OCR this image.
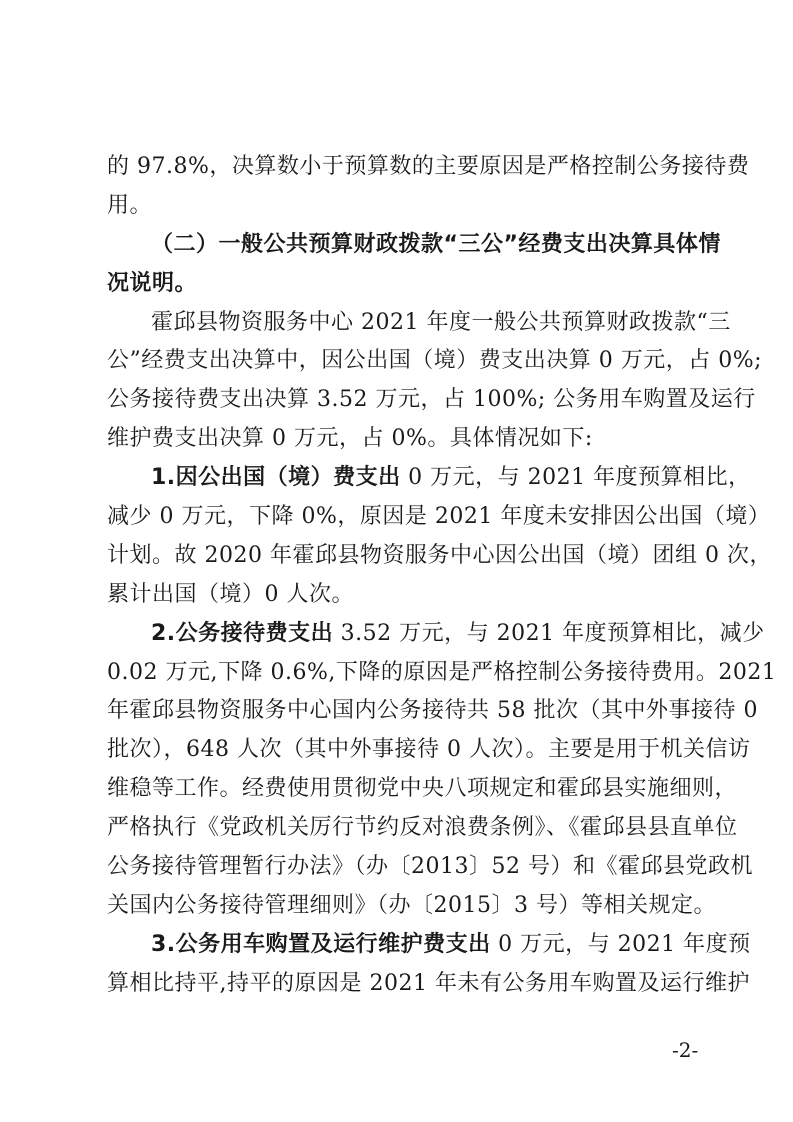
的 97.8%，决算数小于预算数的主要原因是严格控制公务接待费
用。
（二）一般公共预算财政拨款“三公”经费支出决算具体情
况说明。
霍邱县物资服务中心 2021 年度一般公共预算财政拨款“三
公”经费支出决算中，因公出国（境）费支出决算 0 万元，占 0%;
公务接待费支出决算 3.52 万元，占 100%; 公务用车购置及运行
维护费支出决算 0 万元，占 0%。具体情况如下:
1.因公出国（境）费支出 0 万元，与 2021 年度预算相比，
减少 0 万元，下降 0%，原因是 2021 年度未安排因公出国（境）
计划。故 2020 年霍邱县物资服务中心因公出国（境）团组 0 次，
累计出国（境）0 人次。
2.公务接待费支出 3.52 万元，与 2021 年度预算相比，减少
0.02 万元,下降 0.6%,下降的原因是严格控制公务接待费用。2021
年霍邱县物资服务中心国内公务接待共 58 批次（其中外事接待 0
批次），648 人次（其中外事接待 0 人次）。主要是用于机关信访
维稳等工作。经费使用贯彻党中央八项规定和霍邱县实施细则，
严格执行《党政机关厉行节约反对浪费条例》、《霍邱县县直单位
公务接待管理暂行办法》（办〔2013〕52 号）和《霍邱县党政机
关国内公务接待管理细则》（办〔2015〕3 号）等相关规定。
3.公务用车购置及运行维护费支出 0 万元，与 2021 年度预
算相比持平,持平的原因是 2021 年未有公务用车购置及运行维护
-2-
